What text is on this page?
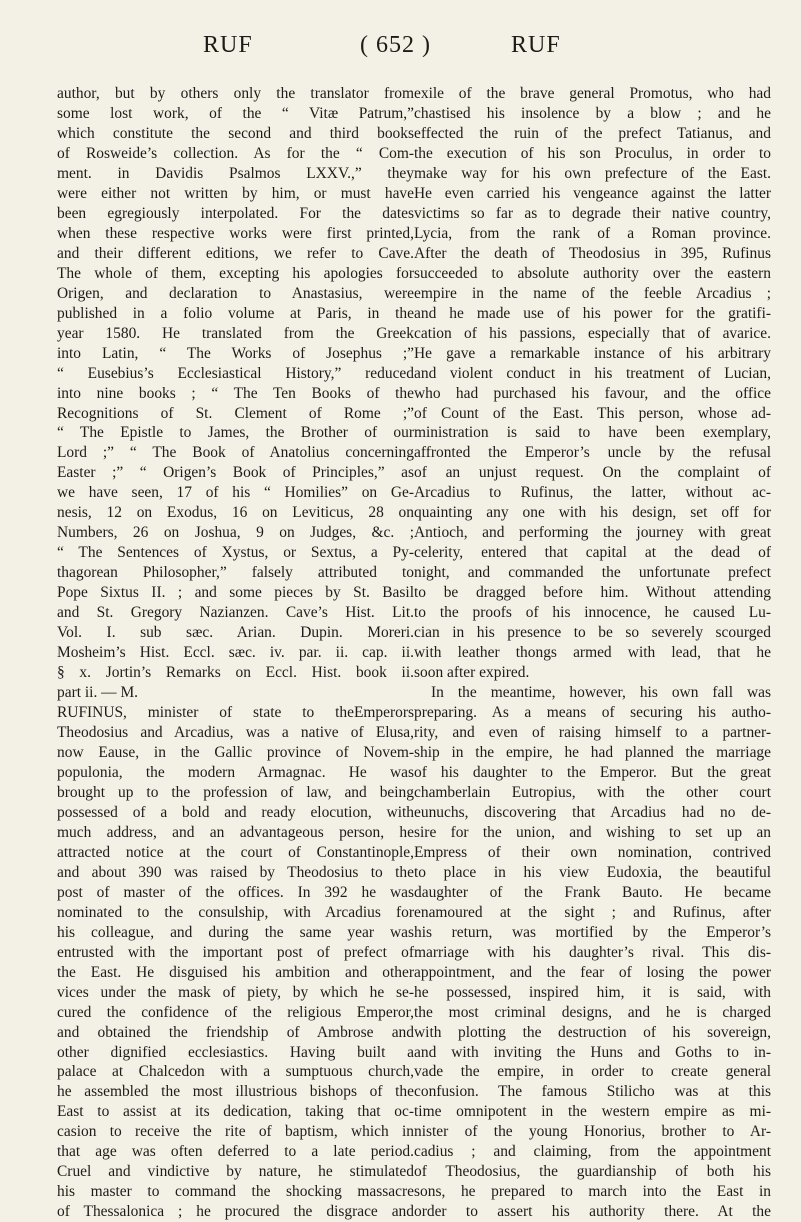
RUF	( 652 )	RUF
author, but by others only the translator from
some lost work, of the “ Vitæ Patrum,”
which constitute the second and third books
of Rosweide’s collection. As for the “ Com-
ment. in Davidis Psalmos LXXV.,” they
were either not written by him, or must have
been egregiously interpolated. For the dates
when these respective works were first printed,
and their different editions, we refer to Cave.
The whole of them, excepting his apologies for
Origen, and declaration to Anastasius, were
published in a folio volume at Paris, in the
year 1580. He translated from the Greek
into Latin, “ The Works of Josephus ;”
“ Eusebius’s Ecclesiastical History,” reduced
into nine books ; “ The Ten Books of the
Recognitions of St. Clement of Rome ;”
“ The Epistle to James, the Brother of our
Lord ;” “ The Book of Anatolius concerning
Easter ;” “ Origen’s Book of Principles,” as
we have seen, 17 of his “ Homilies” on Ge-
nesis, 12 on Exodus, 16 on Leviticus, 28 on
Numbers, 26 on Joshua, 9 on Judges, &c. ;
“ The Sentences of Xystus, or Sextus, a Py-
thagorean Philosopher,” falsely attributed to
Pope Sixtus II. ; and some pieces by St. Basil
and St. Gregory Nazianzen. Cave’s Hist. Lit.
Vol. I. sub sæc. Arian. Dupin. Moreri.
Mosheim’s Hist. Eccl. sæc. iv. par. ii. cap. ii.
§ x. Jortin’s Remarks on Eccl. Hist. book ii.
part ii. — M.
RUFINUS, minister of state to theEmperors
Theodosius and Arcadius, was a native of Elusa,
now Eause, in the Gallic province of Novem-
populonia, the modern Armagnac. He was
brought up to the profession of law, and being
possessed of a bold and ready elocution, with
much address, and an advantageous person, he
attracted notice at the court of Constantinople,
and about 390 was raised by Theodosius to the
post of master of the offices. In 392 he was
nominated to the consulship, with Arcadius for
his colleague, and during the same year was
entrusted with the important post of prefect of
the East. He disguised his ambition and other
vices under the mask of piety, by which he se-
cured the confidence of the religious Emperor,
and obtained the friendship of Ambrose and
other dignified ecclesiastics. Having built a
palace at Chalcedon with a sumptuous church,
he assembled the most illustrious bishops of the
East to assist at its dedication, taking that oc-
casion to receive the rite of baptism, which in
that age was often deferred to a late period.
Cruel and vindictive by nature, he stimulated
his master to command the shocking massacre
of Thessalonica ; he procured the disgrace and
exile of the brave general Promotus, who had
chastised his insolence by a blow ; and he
effected the ruin of the prefect Tatianus, and
the execution of his son Proculus, in order to
make way for his own prefecture of the East.
He even carried his vengeance against the latter
victims so far as to degrade their native country,
Lycia, from the rank of a Roman province.
After the death of Theodosius in 395, Rufinus
succeeded to absolute authority over the eastern
empire in the name of the feeble Arcadius ;
and he made use of his power for the gratifi-
cation of his passions, especially that of avarice.
He gave a remarkable instance of his arbitrary
and violent conduct in his treatment of Lucian,
who had purchased his favour, and the office
of Count of the East. This person, whose ad-
ministration is said to have been exemplary,
affronted the Emperor’s uncle by the refusal
of an unjust request. On the complaint of
Arcadius to Rufinus, the latter, without ac-
quainting any one with his design, set off for
Antioch, and performing the journey with great
celerity, entered that capital at the dead of
night, and commanded the unfortunate prefect
to be dragged before him. Without attending
to the proofs of his innocence, he caused Lu-
cian in his presence to be so severely scourged
with leather thongs armed with lead, that he
soon after expired.
In the meantime, however, his own fall was
preparing. As a means of securing his autho-
rity, and even of raising himself to a partner-
ship in the empire, he had planned the marriage
of his daughter to the Emperor. But the great
chamberlain Eutropius, with the other court
eunuchs, discovering that Arcadius had no de-
sire for the union, and wishing to set up an
Empress of their own nomination, contrived
to place in his view Eudoxia, the beautiful
daughter of the Frank Bauto. He became
enamoured at the sight ; and Rufinus, after
his return, was mortified by the Emperor’s
marriage with his daughter’s rival. This dis-
appointment, and the fear of losing the power
he possessed, inspired him, it is said, with
the most criminal designs, and he is charged
with plotting the destruction of his sovereign,
and with inviting the Huns and Goths to in-
vade the empire, in order to create general
confusion. The famous Stilicho was at this
time omnipotent in the western empire as mi-
nister of the young Honorius, brother to Ar-
cadius ; and claiming, from the appointment
of Theodosius, the guardianship of both his
sons, he prepared to march into the East in
order to assert his authority there. At the
